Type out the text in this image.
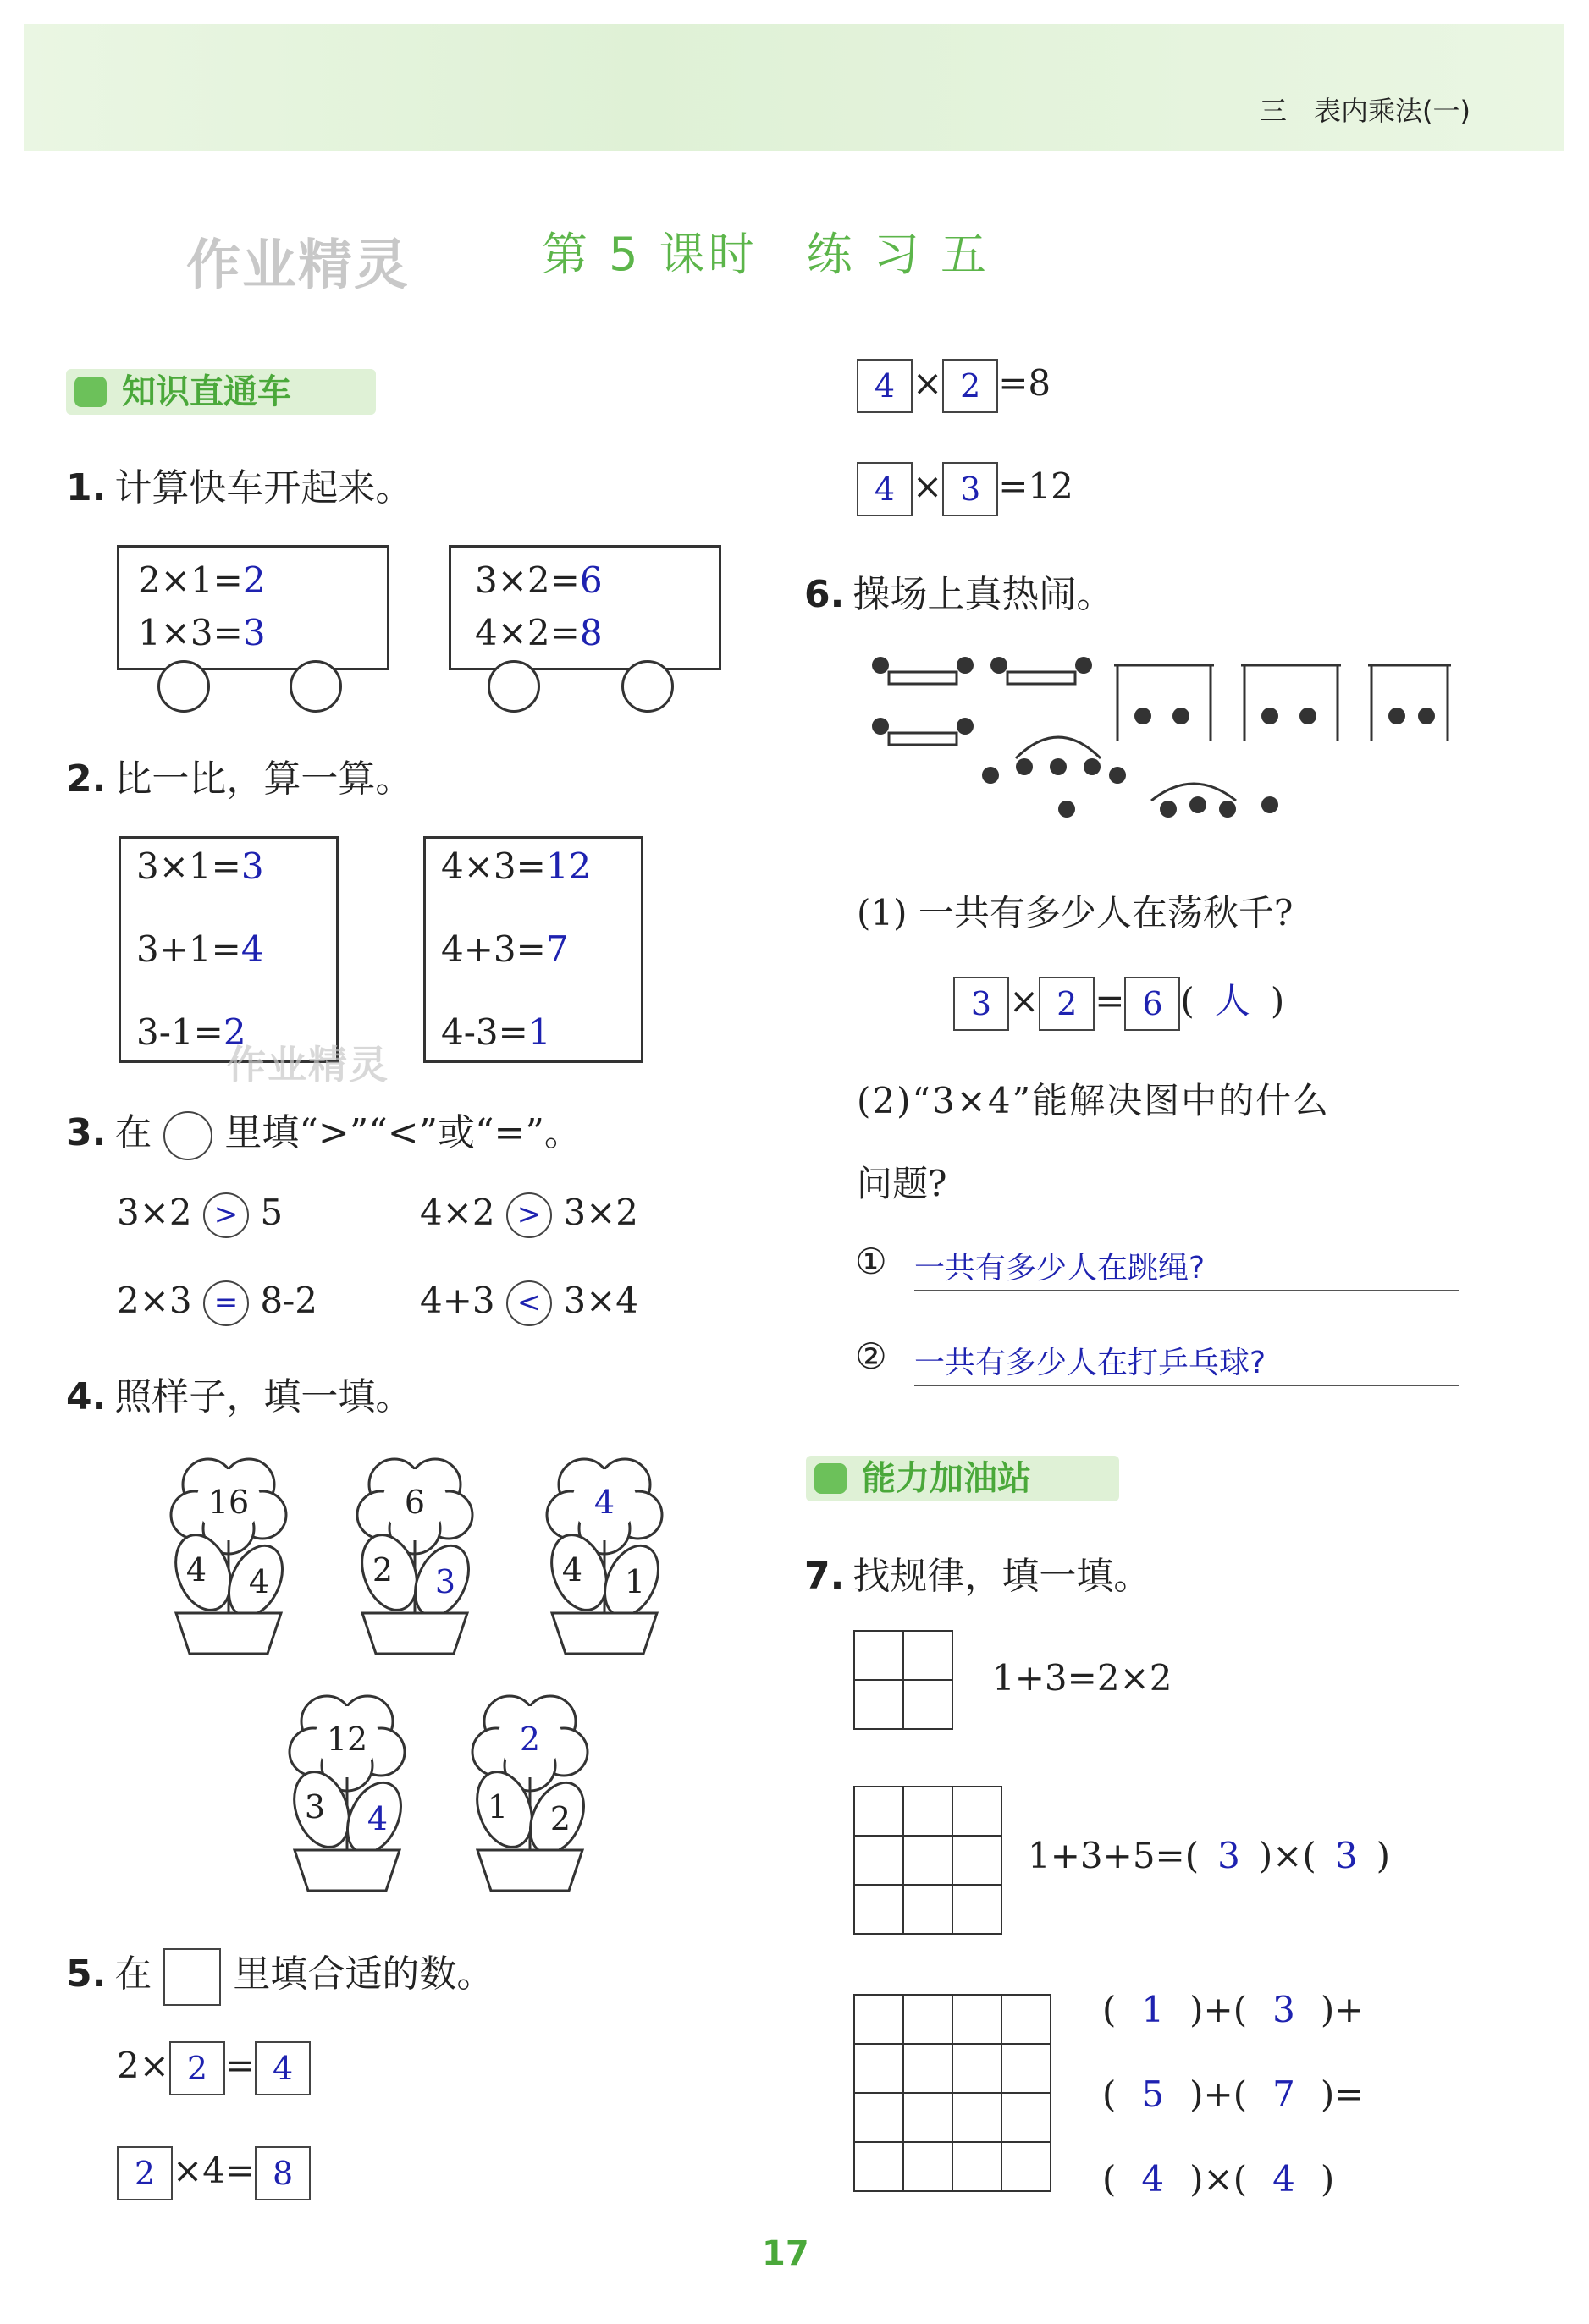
三　表内乘法(一)
作业精灵	第 5 课时　练 习 五
知识直通车
1. 计算快车开起来。
2×1=2
1×3=3
3×2=6
4×2=8
2. 比一比，算一算。
3×1=3
3+1=4
3-1=2
4×3=12
4+3=7
4-3=1
作业精灵
3. 在 里填“>”“<”或“=”。
3×2 > 5	4×2 > 3×2
2×3 = 8-2	4+3 < 3×4
4. 照样子，填一填。
16
4 4
6
2 3
4
4 1
12
3 4
2
1 2
5. 在 里填合适的数。
2× 2 = 4
2 ×4= 8
4 × 2 =8
4 × 3 =12
6. 操场上真热闹。
(1) 一共有多少人在荡秋千?
3 × 2 = 6 ( 人 )
(2)“3×4”能解决图中的什么
问题?
① 一共有多少人在跳绳?
② 一共有多少人在打乒乓球?
能力加油站
7. 找规律，填一填。

1+3=2×2

1+3+5=( 3 )×( 3 )

( 1 )+( 3 )+
( 5 )+( 7 )=
( 4 )×( 4 )
17
